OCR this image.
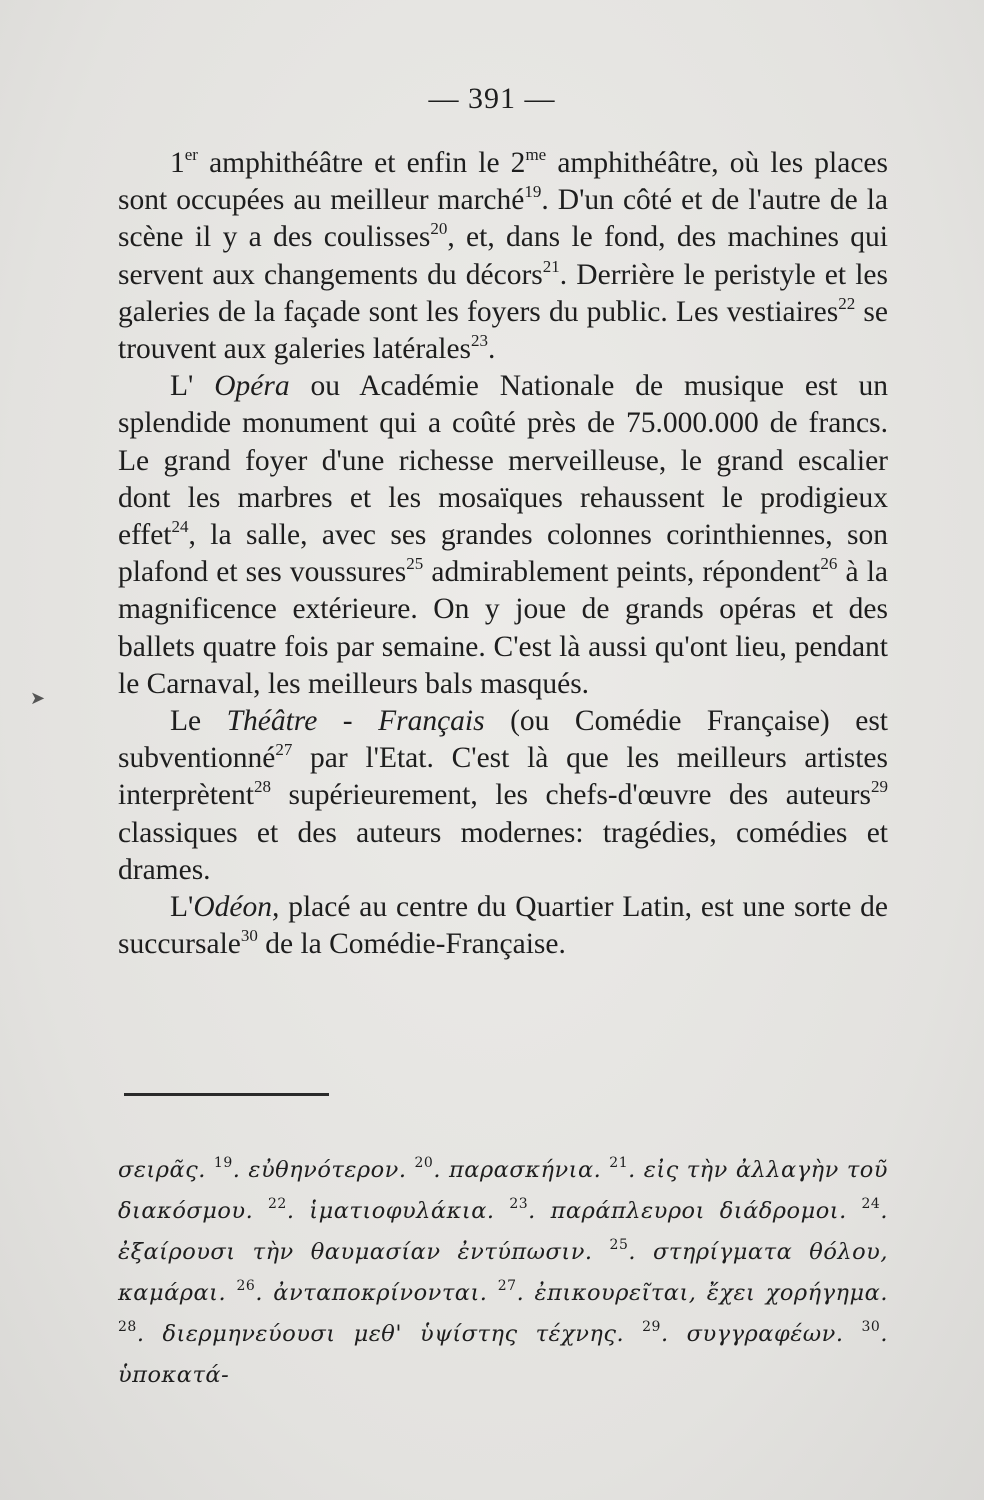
— 391 —

1er amphithéâtre et enfin le $2^{me}$ amphithéâtre, où les places sont occupées au meilleur marché$^{19}$. D'un côté et de l'autre de la scène il y a des coulisses$^{20}$, et, dans le fond, des machines qui servent aux changements du décors$^{21}$. Derrière le peristyle et les galeries de la façade sont les foyers du public. Les vestiaires$^{22}$ se trouvent aux galeries latérales$^{23}$.

L' Opéra ou Académie Nationale de musique est un splendide monument qui a coûté près de 75.000.000 de francs. Le grand foyer d'une richesse merveilleuse, le grand escalier dont les marbres et les mosaïques rehaussent le prodigieux effet$^{24}$, la salle, avec ses grandes colonnes corinthiennes, son plafond et ses voussures$^{25}$ admirablement peints, répondent$^{26}$ à la magnificence extérieure. On y joue de grands opéras et des ballets quatre fois par semaine. C'est là aussi qu'ont lieu, pendant le Carnaval, les meilleurs bals masqués.

Le Théâtre - Français (ou Comédie Française) est subventionné$^{27}$ par l'Etat. C'est là que les meilleurs artistes interprètent$^{28}$ supérieurement, les chefs-d'œuvre des auteurs$^{29}$ classiques et des auteurs modernes: tragédies, comédies et drames.

L'Odéon, placé au centre du Quartier Latin, est une sorte de succursale$^{30}$ de la Comédie-Française.

σειρᾶς. $^{19}$. εὐθηνότερον. $^{20}$. παρασκήνια. $^{21}$. εἰς τὴν ἀλλαγὴν τοῦ διακόσμου. $^{22}$. ἱματιοφυλάκια. $^{23}$. παράπλευροι διάδρομοι. $^{24}$. ἐξαίρουσι τὴν θαυμασίαν ἐντύπωσιν. $^{25}$. στηρίγματα θόλου, καμάραι. $^{26}$. ἀνταποκρίνονται. $^{27}$. ἐπικουρεῖται, ἔχει χορήγημα. $^{28}$. διερμηνεύουσι μεθ' ὑψίστης τέχνης. $^{29}$. συγγραφέων. $^{30}$. ὑποκατά-
➤
